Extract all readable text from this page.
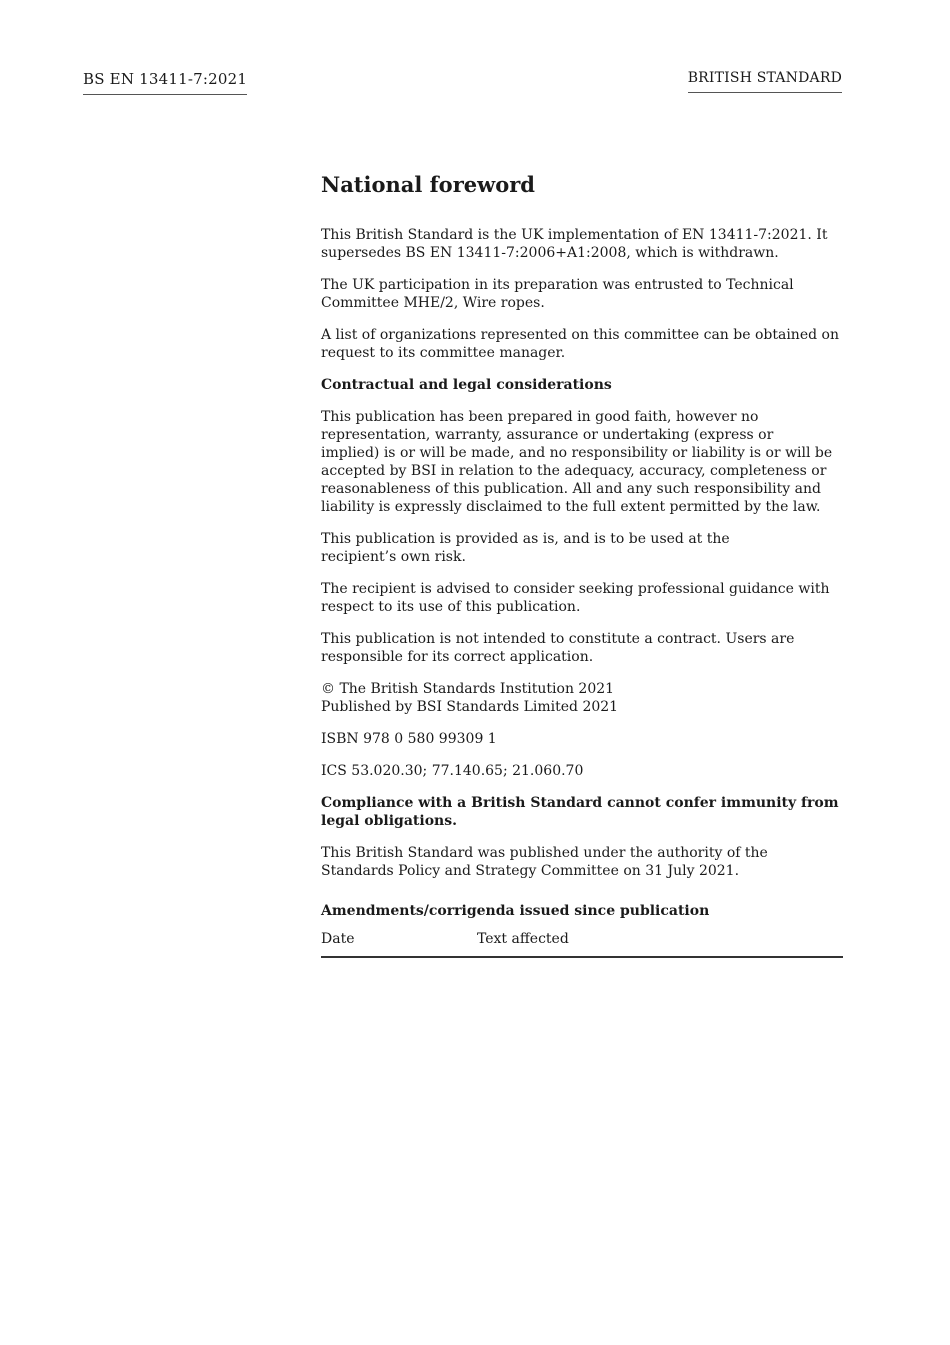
BS EN 13411-7:2021	BRITISH STANDARD
National foreword
This British Standard is the UK implementation of EN 13411-7:2021. It
supersedes BS EN 13411-7:2006+A1:2008, which is withdrawn.
The UK participation in its preparation was entrusted to Technical
Committee MHE/2, Wire ropes.
A list of organizations represented on this committee can be obtained on
request to its committee manager.
Contractual and legal considerations
This publication has been prepared in good faith, however no
representation, warranty, assurance or undertaking (express or
implied) is or will be made, and no responsibility or liability is or will be
accepted by BSI in relation to the adequacy, accuracy, completeness or
reasonableness of this publication. All and any such responsibility and
liability is expressly disclaimed to the full extent permitted by the law.
This publication is provided as is, and is to be used at the
recipient’s own risk.
The recipient is advised to consider seeking professional guidance with
respect to its use of this publication.
This publication is not intended to constitute a contract. Users are
responsible for its correct application.
© The British Standards Institution 2021
Published by BSI Standards Limited 2021
ISBN 978 0 580 99309 1
ICS 53.020.30; 77.140.65; 21.060.70
Compliance with a British Standard cannot confer immunity from
legal obligations.
This British Standard was published under the authority of the
Standards Policy and Strategy Committee on 31 July 2021.
Amendments/corrigenda issued since publication
Date	Text affected
